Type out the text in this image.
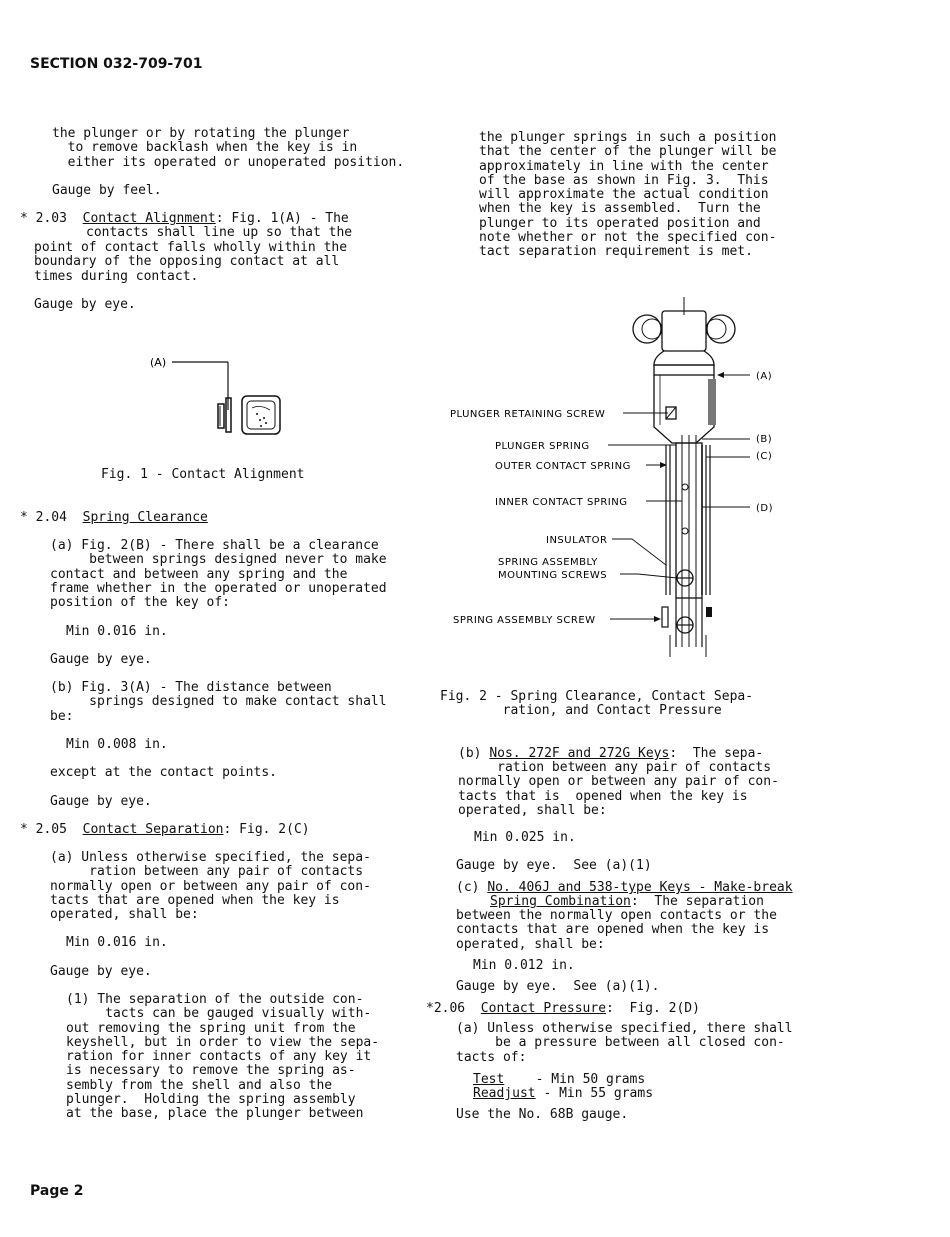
SECTION 032-709-701
the plunger or by rotating the plunger
to remove backlash when the key is in
either its operated or unoperated position.
Gauge by feel.
* 2.03 Contact Alignment: Fig. 1(A) - The
contacts shall line up so that the
point of contact falls wholly within the
boundary of the opposing contact at all
times during contact.
Gauge by eye.
(A)
Fig. 1 - Contact Alignment
* 2.04 Spring Clearance
(a) Fig. 2(B) - There shall be a clearance
between springs designed never to make
contact and between any spring and the
frame whether in the operated or unoperated
position of the key of:
Min 0.016 in.
Gauge by eye.
(b) Fig. 3(A) - The distance between
springs designed to make contact shall
be:
Min 0.008 in.
except at the contact points.
Gauge by eye.
* 2.05 Contact Separation: Fig. 2(C)
(a) Unless otherwise specified, the sepa-
ration between any pair of contacts
normally open or between any pair of con-
tacts that are opened when the key is
operated, shall be:
Min 0.016 in.
Gauge by eye.
(1) The separation of the outside con-
tacts can be gauged visually with-
out removing the spring unit from the
keyshell, but in order to view the sepa-
ration for inner contacts of any key it
is necessary to remove the spring as-
sembly from the shell and also the
plunger.  Holding the spring assembly
at the base, place the plunger between
Page 2
the plunger springs in such a position
that the center of the plunger will be
approximately in line with the center
of the base as shown in Fig. 3.  This
will approximate the actual condition
when the key is assembled.  Turn the
plunger to its operated position and
note whether or not the specified con-
tact separation requirement is met.
PLUNGER RETAINING SCREW
PLUNGER SPRING
OUTER CONTACT SPRING
INNER CONTACT SPRING
INSULATOR
SPRING ASSEMBLY
MOUNTING SCREWS
SPRING ASSEMBLY SCREW
(A)
(B)
(C)
(D)
Fig. 2 - Spring Clearance, Contact Sepa-
ration, and Contact Pressure
(b) Nos. 272F and 272G Keys:  The sepa-
ration between any pair of contacts
normally open or between any pair of con-
tacts that is  opened when the key is
operated, shall be:
Min 0.025 in.
Gauge by eye.  See (a)(1)
(c) No. 406J and 538-type Keys - Make-break
Spring Combination:  The separation
between the normally open contacts or the
contacts that are opened when the key is
operated, shall be:
Min 0.012 in.
Gauge by eye.  See (a)(1).
*2.06 Contact Pressure:  Fig. 2(D)
(a) Unless otherwise specified, there shall
be a pressure between all closed con-
tacts of:
Test    - Min 50 grams
Readjust - Min 55 grams
Use the No. 68B gauge.
